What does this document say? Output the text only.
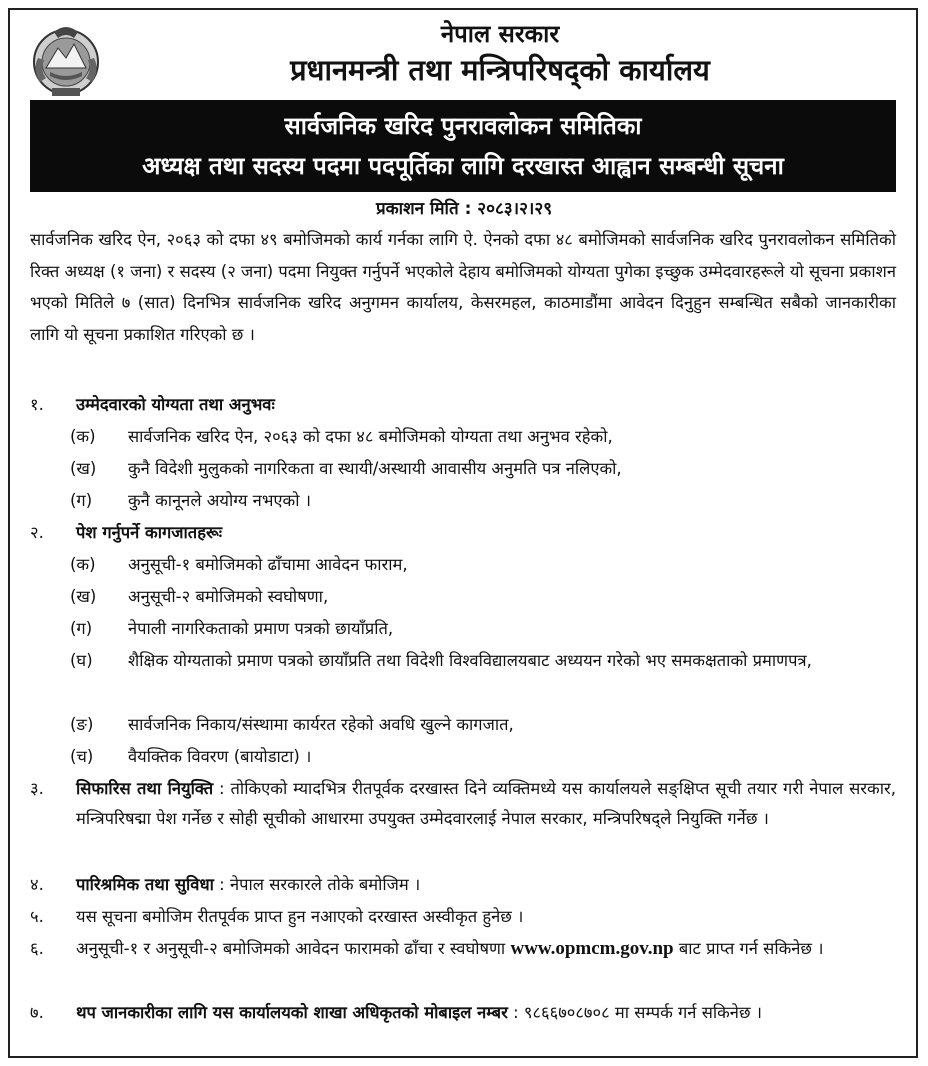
नेपाल सरकार
प्रधानमन्त्री तथा मन्त्रिपरिषद्को कार्यालय
सार्वजनिक खरिद पुनरावलोकन समितिका
अध्यक्ष तथा सदस्य पदमा पदपूर्तिका लागि दरखास्त आह्वान सम्बन्धी सूचना
प्रकाशन मिति : २०८३।२।२९
सार्वजनिक खरिद ऐन, २०६३ को दफा ४९ बमोजिमको कार्य गर्नका लागि ऐ. ऐनको दफा ४८ बमोजिमको सार्वजनिक खरिद पुनरावलोकन समितिको रिक्त अध्यक्ष (१ जना) र सदस्य (२ जना) पदमा नियुक्त गर्नुपर्ने भएकोले देहाय बमोजिमको योग्यता पुगेका इच्छुक उम्मेदवारहरूले यो सूचना प्रकाशन भएको मितिले ७ (सात) दिनभित्र सार्वजनिक खरिद अनुगमन कार्यालय, केसरमहल, काठमाडौंमा आवेदन दिनुहुन सम्बन्धित सबैको जानकारीका लागि यो सूचना प्रकाशित गरिएको छ ।
१.	उम्मेदवारको योग्यता तथा अनुभवः
(क)	सार्वजनिक खरिद ऐन, २०६३ को दफा ४८ बमोजिमको योग्यता तथा अनुभव रहेको,
(ख)	कुनै विदेशी मुलुकको नागरिकता वा स्थायी/अस्थायी आवासीय अनुमति पत्र नलिएको,
(ग)	कुनै कानूनले अयोग्य नभएको ।
२.	पेश गर्नुपर्ने कागजातहरूः
(क)	अनुसूची-१ बमोजिमको ढाँचामा आवेदन फाराम,
(ख)	अनुसूची-२ बमोजिमको स्वघोषणा,
(ग)	नेपाली नागरिकताको प्रमाण पत्रको छायाँप्रति,
(घ)	शैक्षिक योग्यताको प्रमाण पत्रको छायाँप्रति तथा विदेशी विश्वविद्यालयबाट अध्ययन गरेको भए समकक्षताको प्रमाणपत्र,
(ङ)	सार्वजनिक निकाय/संस्थामा कार्यरत रहेको अवधि खुल्ने कागजात,
(च)	वैयक्तिक विवरण (बायोडाटा) ।
३.	सिफारिस तथा नियुक्ति : तोकिएको म्यादभित्र रीतपूर्वक दरखास्त दिने व्यक्तिमध्ये यस कार्यालयले सङ्क्षिप्त सूची तयार गरी नेपाल सरकार, मन्त्रिपरिषद्मा पेश गर्नेछ र सोही सूचीको आधारमा उपयुक्त उम्मेदवारलाई नेपाल सरकार, मन्त्रिपरिषद्ले नियुक्ति गर्नेछ ।
४.	पारिश्रमिक तथा सुविधा : नेपाल सरकारले तोके बमोजिम ।
५.	यस सूचना बमोजिम रीतपूर्वक प्राप्त हुन नआएको दरखास्त अस्वीकृत हुनेछ ।
६.	अनुसूची-१ र अनुसूची-२ बमोजिमको आवेदन फारामको ढाँचा र स्वघोषणा www.opmcm.gov.np बाट प्राप्त गर्न सकिनेछ ।
७.	थप जानकारीका लागि यस कार्यालयको शाखा अधिकृतको मोबाइल नम्बर : ९८६६७०८७०८ मा सम्पर्क गर्न सकिनेछ ।
